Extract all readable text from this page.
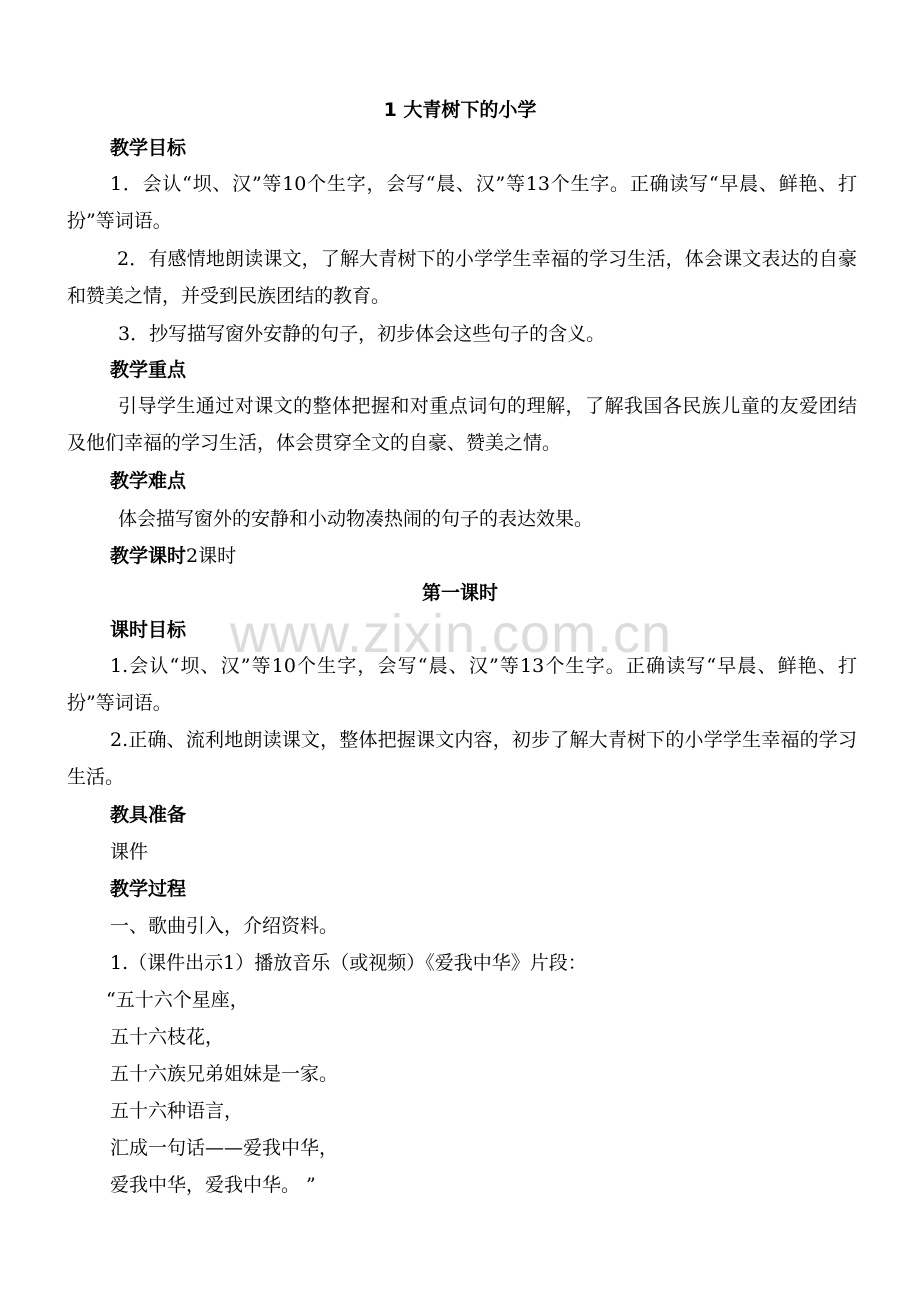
www.zixin.com.cn
1 大青树下的小学
教学目标
1．会认“坝、汉”等10个生字，会写“晨、汉”等13个生字。正确读写“早晨、鲜艳、打扮”等词语。
2．有感情地朗读课文，了解大青树下的小学学生幸福的学习生活，体会课文表达的自豪和赞美之情，并受到民族团结的教育。
3．抄写描写窗外安静的句子，初步体会这些句子的含义。
教学重点
引导学生通过对课文的整体把握和对重点词句的理解，了解我国各民族儿童的友爱团结及他们幸福的学习生活，体会贯穿全文的自豪、赞美之情。
教学难点
体会描写窗外的安静和小动物凑热闹的句子的表达效果。
教学课时2课时
第一课时
课时目标
1.会认“坝、汉”等10个生字，会写“晨、汉”等13个生字。正确读写“早晨、鲜艳、打扮”等词语。
2.正确、流利地朗读课文，整体把握课文内容，初步了解大青树下的小学学生幸福的学习生活。
教具准备
课件
教学过程
一、歌曲引入，介绍资料。
1.（课件出示1）播放音乐（或视频）《爱我中华》片段：
“五十六个星座，
五十六枝花，
五十六族兄弟姐妹是一家。
五十六种语言，
汇成一句话——爱我中华，
爱我中华，爱我中华。 ”
